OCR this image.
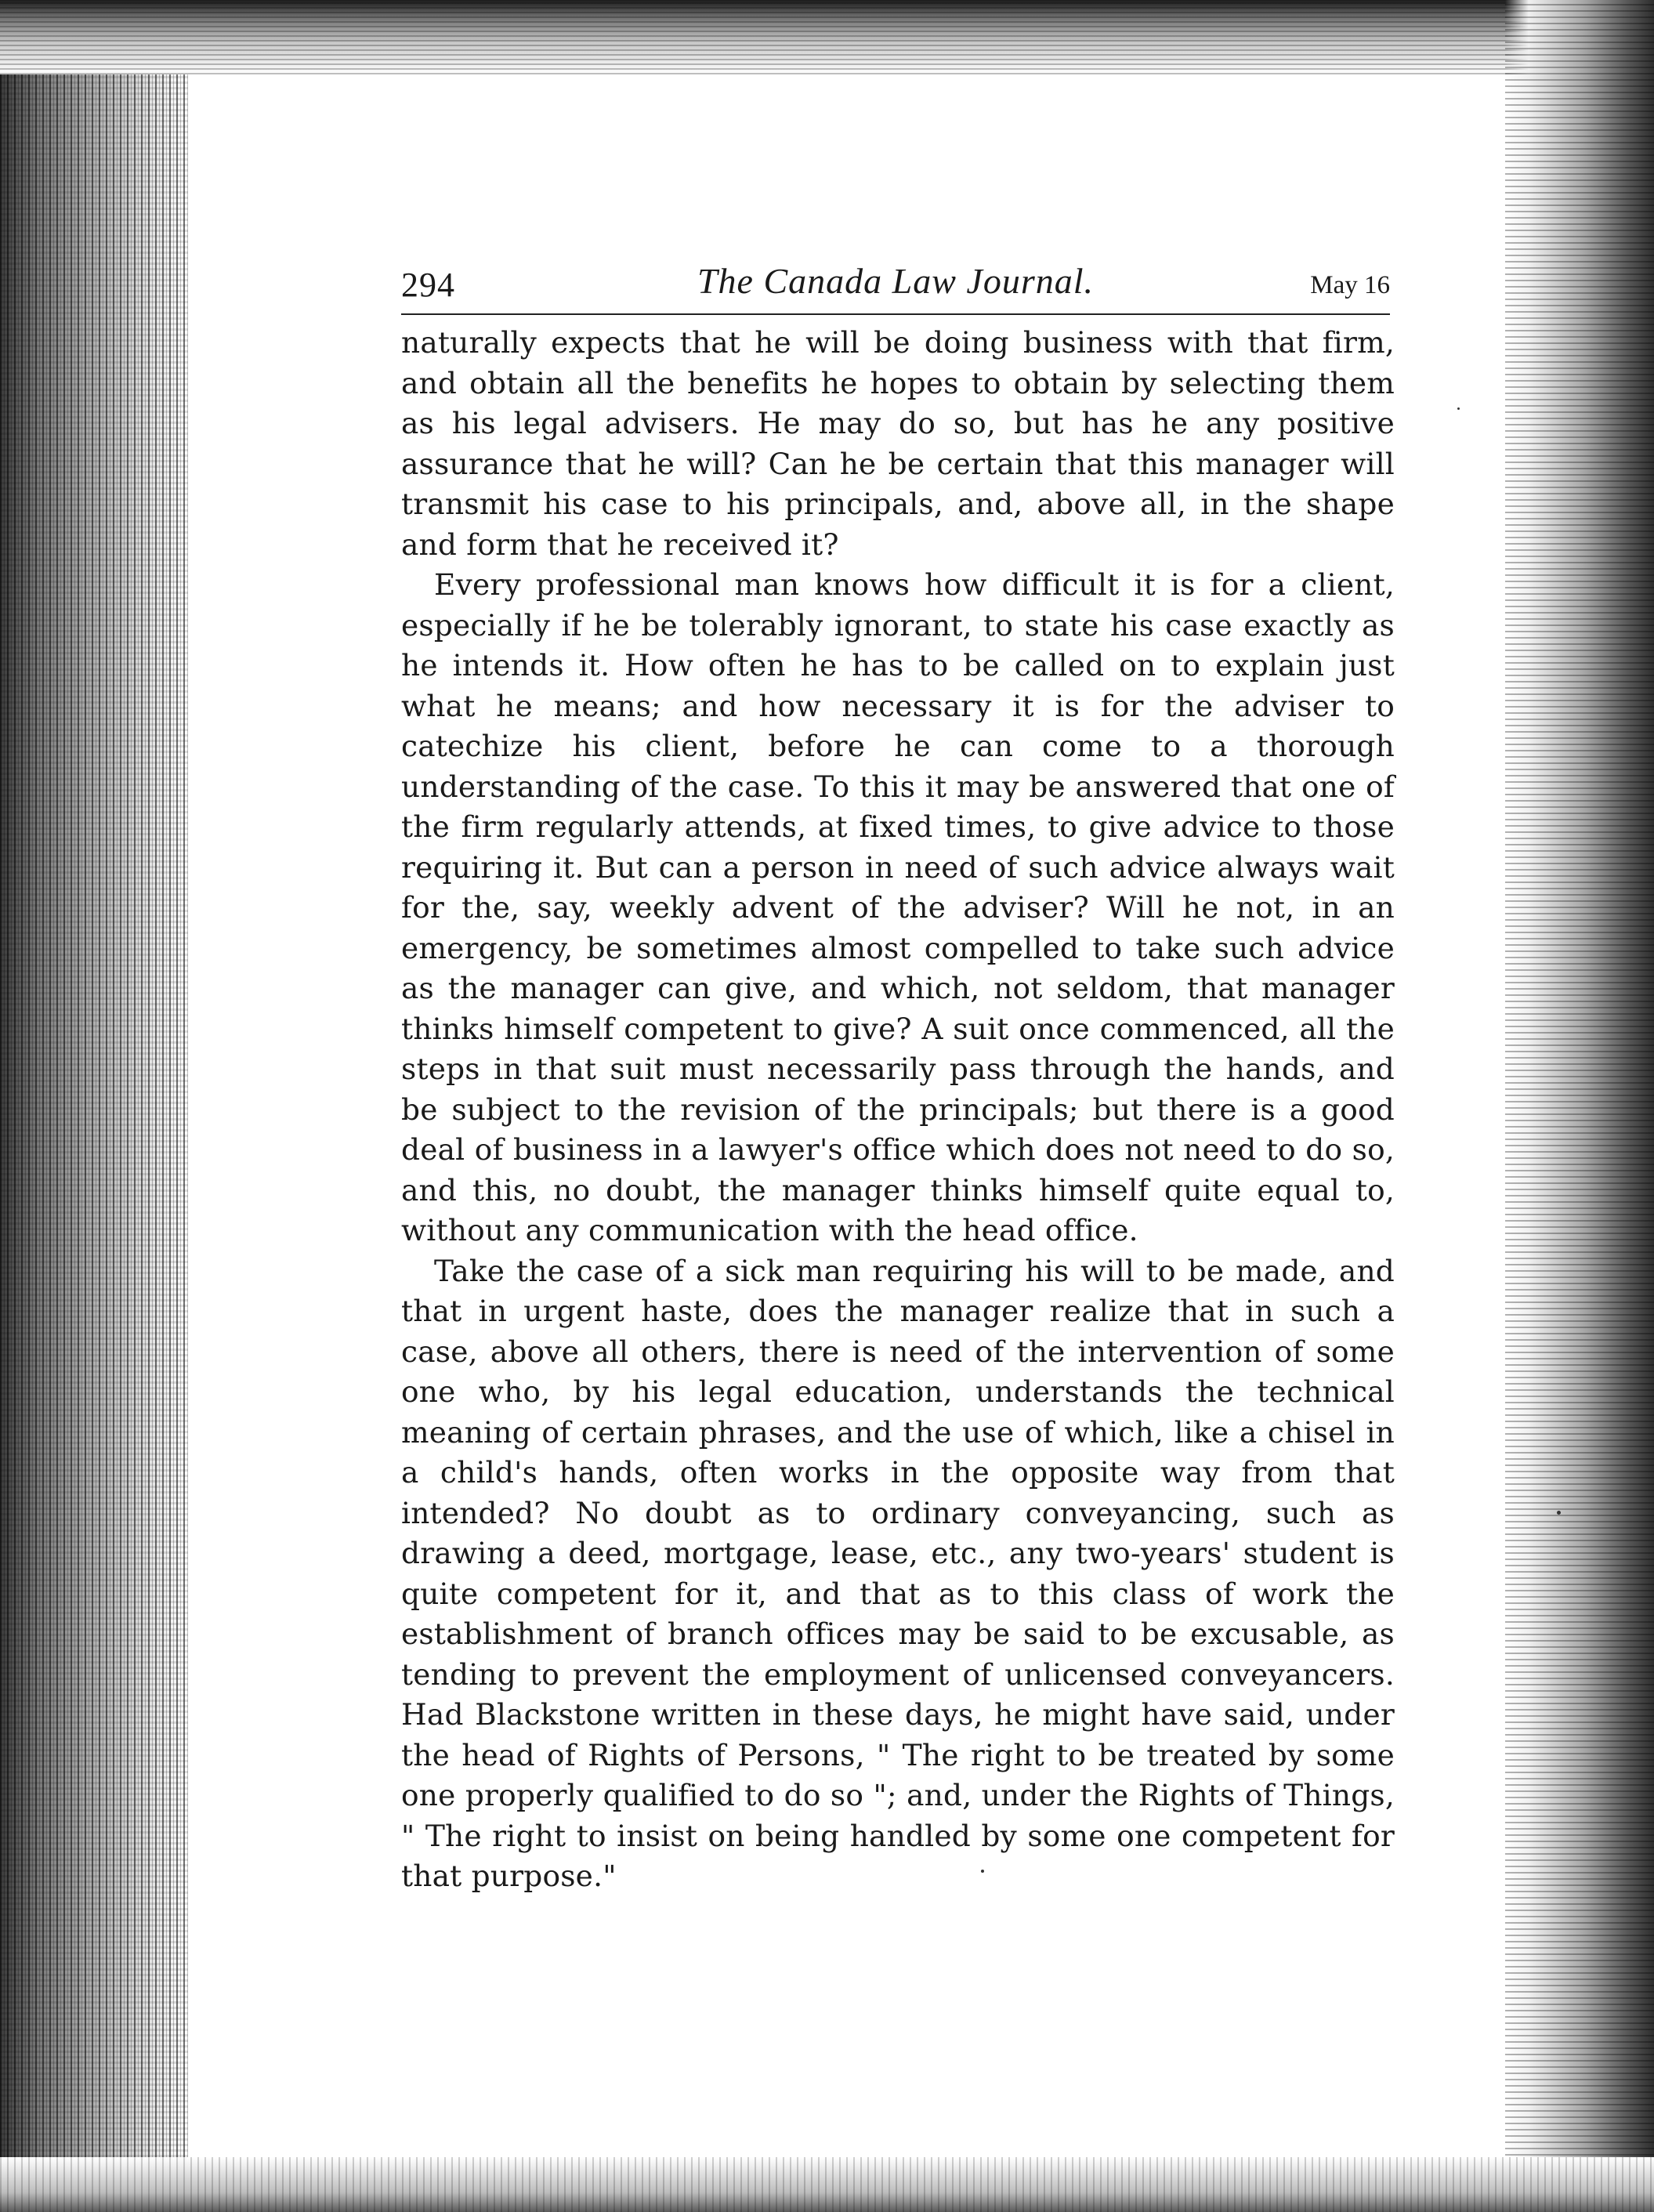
294	The Canada Law Journal.	May 16

naturally expects that he will be doing business with that firm, and obtain all the benefits he hopes to obtain by selecting them as his legal advisers. He may do so, but has he any positive assurance that he will? Can he be certain that this manager will transmit his case to his principals, and, above all, in the shape and form that he received it?

Every professional man knows how difficult it is for a client, especially if he be tolerably ignorant, to state his case exactly as he intends it. How often he has to be called on to explain just what he means; and how necessary it is for the adviser to catechize his client, before he can come to a thorough understanding of the case. To this it may be answered that one of the firm regularly attends, at fixed times, to give advice to those requiring it. But can a person in need of such advice always wait for the, say, weekly advent of the adviser? Will he not, in an emergency, be sometimes almost compelled to take such advice as the manager can give, and which, not seldom, that manager thinks himself competent to give? A suit once commenced, all the steps in that suit must necessarily pass through the hands, and be subject to the revision of the principals; but there is a good deal of business in a lawyer's office which does not need to do so, and this, no doubt, the manager thinks himself quite equal to, without any communication with the head office.

Take the case of a sick man requiring his will to be made, and that in urgent haste, does the manager realize that in such a case, above all others, there is need of the intervention of some one who, by his legal education, understands the technical meaning of certain phrases, and the use of which, like a chisel in a child's hands, often works in the opposite way from that intended? No doubt as to ordinary conveyancing, such as drawing a deed, mortgage, lease, etc., any two-years' student is quite competent for it, and that as to this class of work the establishment of branch offices may be said to be excusable, as tending to prevent the employment of unlicensed conveyancers. Had Blackstone written in these days, he might have said, under the head of Rights of Persons, " The right to be treated by some one properly qualified to do so "; and, under the Rights of Things, " The right to insist on being handled by some one competent for that purpose."
